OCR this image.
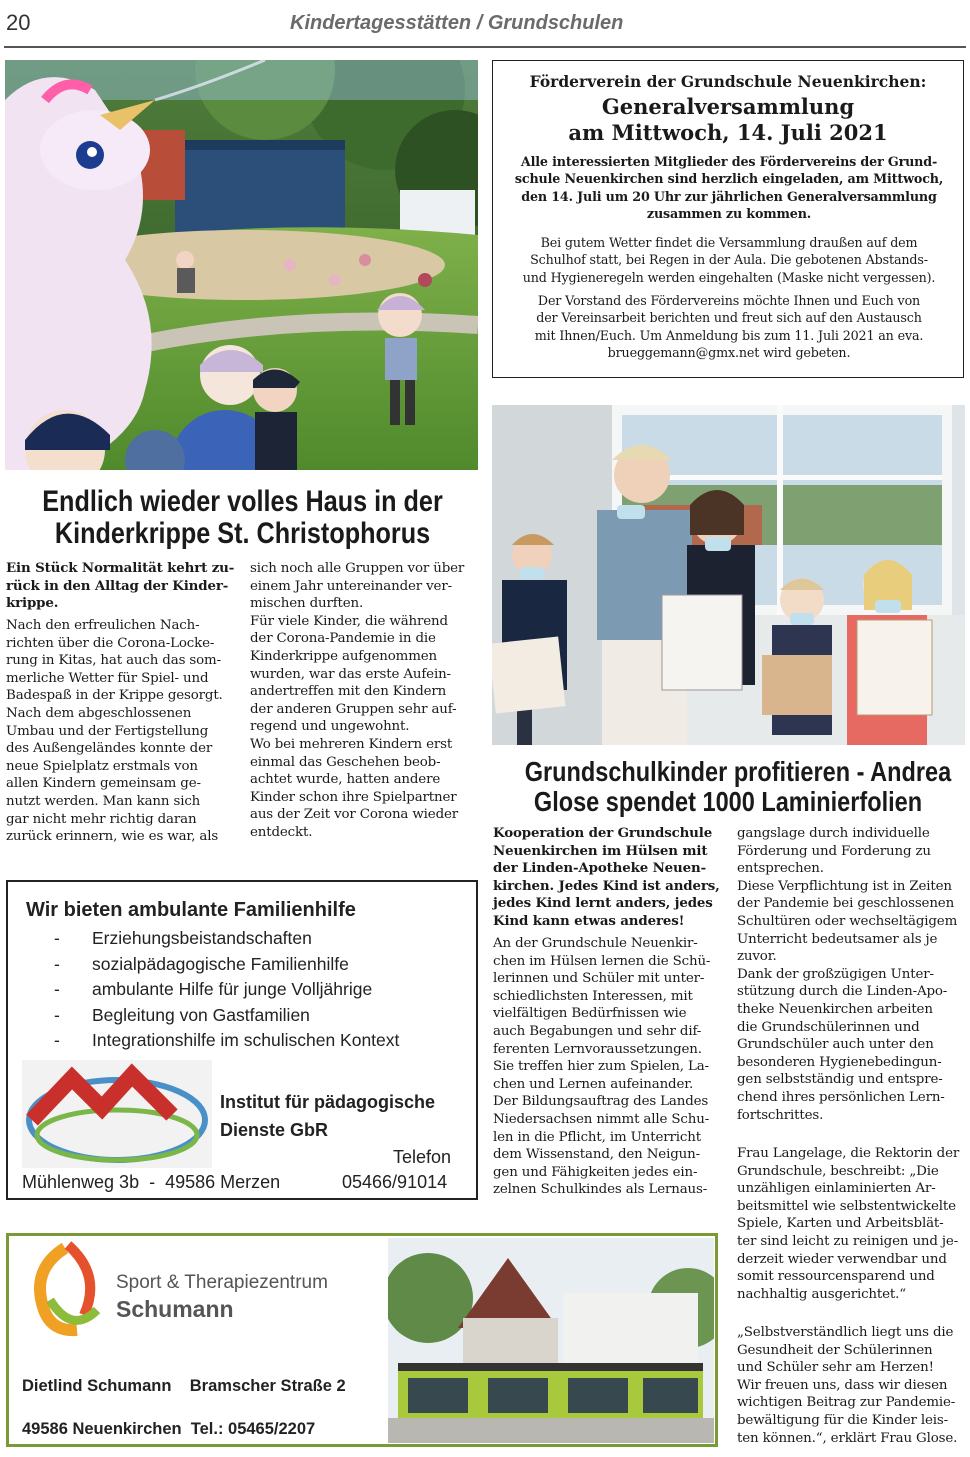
20	Kindertagesstätten / Grundschulen
Förderverein der Grundschule Neuenkirchen:
Generalversammlung
am Mittwoch, 14. Juli 2021
Alle interessierten Mitglieder des Fördervereins der Grund-
schule Neuenkirchen sind herzlich eingeladen, am Mittwoch,
den 14. Juli um 20 Uhr zur jährlichen Generalversammlung
zusammen zu kommen.
Bei gutem Wetter findet die Versammlung draußen auf dem
Schulhof statt, bei Regen in der Aula. Die gebotenen Abstands-
und Hygieneregeln werden eingehalten (Maske nicht vergessen).
Der Vorstand des Fördervereins möchte Ihnen und Euch von
der Vereinsarbeit berichten und freut sich auf den Austausch
mit Ihnen/Euch. Um Anmeldung bis zum 11. Juli 2021 an eva.
brueggemann@gmx.net wird gebeten.
Endlich wieder volles Haus in der
Kinderkrippe St. Christophorus
Ein Stück Normalität kehrt zu-
rück in den Alltag der Kinder-
krippe.
Nach den erfreulichen Nach-
richten über die Corona-Locke-
rung in Kitas, hat auch das som-
merliche Wetter für Spiel- und
Badespaß in der Krippe gesorgt.
Nach dem abgeschlossenen
Umbau und der Fertigstellung
des Außengeländes konnte der
neue Spielplatz erstmals von
allen Kindern gemeinsam ge-
nutzt werden. Man kann sich
gar nicht mehr richtig daran
zurück erinnern, wie es war, als
sich noch alle Gruppen vor über
einem Jahr untereinander ver-
mischen durften.
Für viele Kinder, die während
der Corona-Pandemie in die
Kinderkrippe aufgenommen
wurden, war das erste Aufein-
andertreffen mit den Kindern
der anderen Gruppen sehr auf-
regend und ungewohnt.
Wo bei mehreren Kindern erst
einmal das Geschehen beob-
achtet wurde, hatten andere
Kinder schon ihre Spielpartner
aus der Zeit vor Corona wieder
entdeckt.
Wir bieten ambulante Familienhilfe
- Erziehungsbeistandschaften
- sozialpädagogische Familienhilfe
- ambulante Hilfe für junge Volljährige
- Begleitung von Gastfamilien
- Integrationshilfe im schulischen Kontext
Institut für pädagogische
Dienste GbR
Telefon
Mühlenweg 3b  -  49586 Merzen	05466/91014
Sport & Therapiezentrum
Schumann
Dietlind Schumann    Bramscher Straße 2
49586 Neuenkirchen  Tel.: 05465/2207
Grundschulkinder profitieren - Andrea
Glose spendet 1000 Laminierfolien
Kooperation der Grundschule
Neuenkirchen im Hülsen mit
der Linden-Apotheke Neuen-
kirchen. Jedes Kind ist anders,
jedes Kind lernt anders, jedes
Kind kann etwas anderes!
An der Grundschule Neuenkir-
chen im Hülsen lernen die Schü-
lerinnen und Schüler mit unter-
schiedlichsten Interessen, mit
vielfältigen Bedürfnissen wie
auch Begabungen und sehr dif-
ferenten Lernvoraussetzungen.
Sie treffen hier zum Spielen, La-
chen und Lernen aufeinander.
Der Bildungsauftrag des Landes
Niedersachsen nimmt alle Schu-
len in die Pflicht, im Unterricht
dem Wissenstand, den Neigun-
gen und Fähigkeiten jedes ein-
zelnen Schulkindes als Lernaus-
gangslage durch individuelle
Förderung und Forderung zu
entsprechen.
Diese Verpflichtung ist in Zeiten
der Pandemie bei geschlossenen
Schultüren oder wechseltägigem
Unterricht bedeutsamer als je
zuvor.
Dank der großzügigen Unter-
stützung durch die Linden-Apo-
theke Neuenkirchen arbeiten
die Grundschülerinnen und
Grundschüler auch unter den
besonderen Hygienebedingun-
gen selbstständig und entspre-
chend ihres persönlichen Lern-
fortschrittes.
Frau Langelage, die Rektorin der
Grundschule, beschreibt: „Die
unzähligen einlaminierten Ar-
beitsmittel wie selbstentwickelte
Spiele, Karten und Arbeitsblät-
ter sind leicht zu reinigen und je-
derzeit wieder verwendbar und
somit ressourcensparend und
nachhaltig ausgerichtet.“
„Selbstverständlich liegt uns die
Gesundheit der Schülerinnen
und Schüler sehr am Herzen!
Wir freuen uns, dass wir diesen
wichtigen Beitrag zur Pandemie-
bewältigung für die Kinder leis-
ten können.“, erklärt Frau Glose.
